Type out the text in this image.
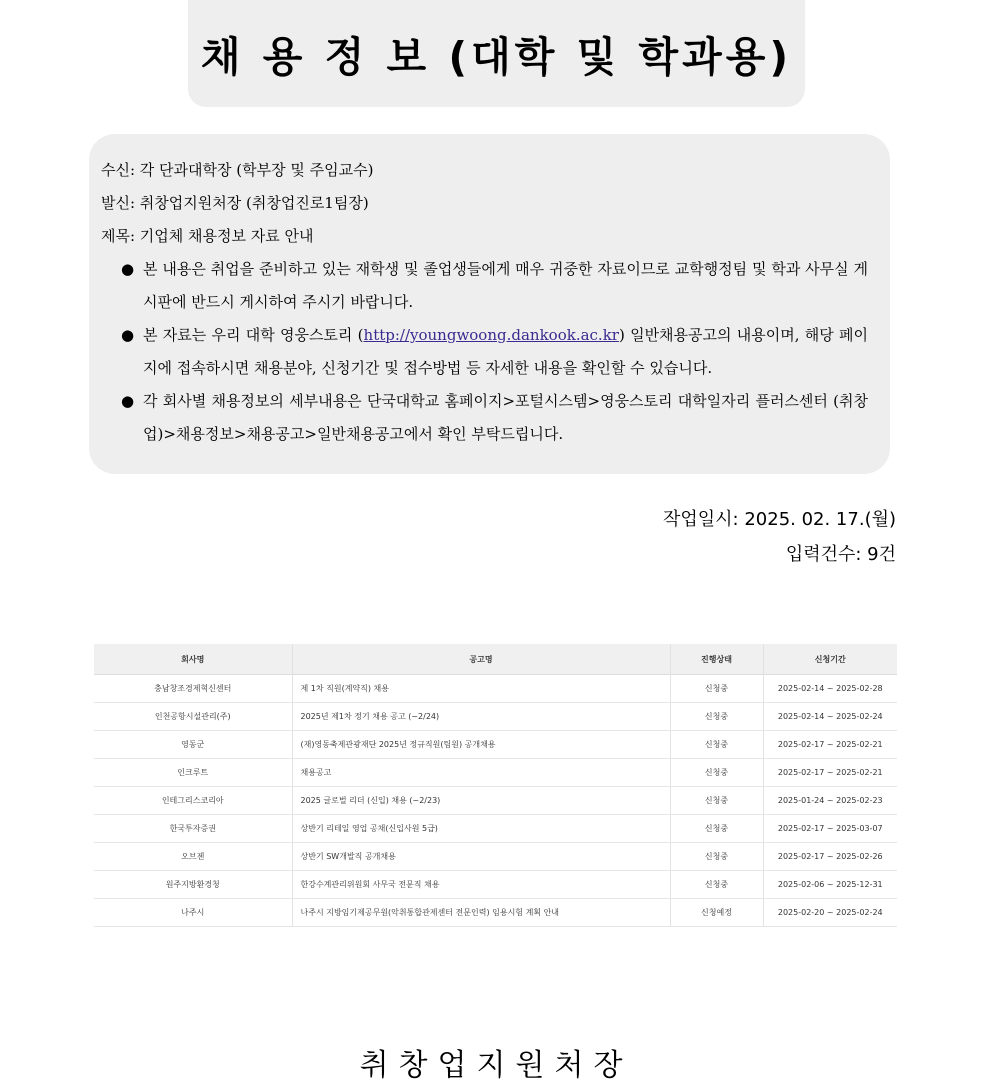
채 용 정 보 (대학 및 학과용)
수신: 각 단과대학장 (학부장 및 주임교수)
발신: 취창업지원처장 (취창업진로1팀장)
제목: 기업체 채용정보 자료 안내
● 본 내용은 취업을 준비하고 있는 재학생 및 졸업생들에게 매우 귀중한 자료이므로 교학행정팀 및 학과 사무실 게시판에 반드시 게시하여 주시기 바랍니다.
● 본 자료는 우리 대학 영웅스토리 (http://youngwoong.dankook.ac.kr) 일반채용공고의 내용이며, 해당 페이지에 접속하시면 채용분야, 신청기간 및 접수방법 등 자세한 내용을 확인할 수 있습니다.
● 각 회사별 채용정보의 세부내용은 단국대학교 홈페이지>포털시스템>영웅스토리 대학일자리 플러스센터 (취창업)>채용정보>채용공고>일반채용공고에서 확인 부탁드립니다.
작업일시: 2025. 02. 17.(월)
입력건수: 9건
회사명	공고명	진행상태	신청기간
충남창조경제혁신센터	제 1차 직원(계약직) 채용	신청중	2025-02-14 ~ 2025-02-28
인천공항시설관리(주)	2025년 제1차 정기 채용 공고 (~2/24)	신청중	2025-02-14 ~ 2025-02-24
영동군	(재)영동축제관광재단 2025년 정규직원(팀원) 공개채용	신청중	2025-02-17 ~ 2025-02-21
인크루트	채용공고	신청중	2025-02-17 ~ 2025-02-21
인테그리스코리아	2025 글로벌 리더 (신입) 채용 (~2/23)	신청중	2025-01-24 ~ 2025-02-23
한국투자증권	상반기 리테일 영업 공채(신입사원 5급)	신청중	2025-02-17 ~ 2025-03-07
오브젠	상반기 SW개발직 공개채용	신청중	2025-02-17 ~ 2025-02-26
원주지방환경청	한강수계관리위원회 사무국 전문직 채용	신청중	2025-02-06 ~ 2025-12-31
나주시	나주시 지방임기제공무원(악취통합관제센터 전문인력) 임용시험 계획 안내	신청예정	2025-02-20 ~ 2025-02-24
취창업지원처장
